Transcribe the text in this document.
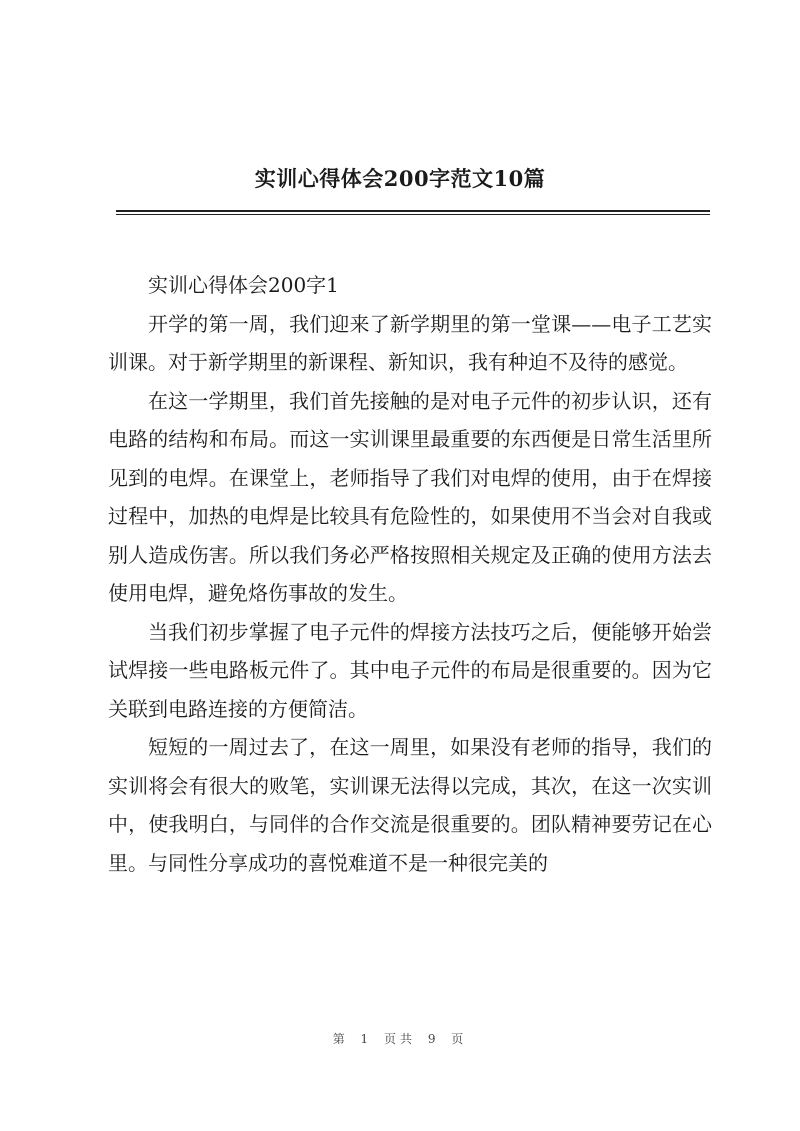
实训心得体会200字范文10篇

实训心得体会200字1

开学的第一周，我们迎来了新学期里的第一堂课——电子工艺实训课。对于新学期里的新课程、新知识，我有种迫不及待的感觉。

在这一学期里，我们首先接触的是对电子元件的初步认识，还有电路的结构和布局。而这一实训课里最重要的东西便是日常生活里所见到的电焊。在课堂上，老师指导了我们对电焊的使用，由于在焊接过程中，加热的电焊是比较具有危险性的，如果使用不当会对自我或别人造成伤害。所以我们务必严格按照相关规定及正确的使用方法去使用电焊，避免烙伤事故的发生。

当我们初步掌握了电子元件的焊接方法技巧之后，便能够开始尝试焊接一些电路板元件了。其中电子元件的布局是很重要的。因为它关联到电路连接的方便简洁。

短短的一周过去了，在这一周里，如果没有老师的指导，我们的实训将会有很大的败笔，实训课无法得以完成，其次，在这一次实训中，使我明白，与同伴的合作交流是很重要的。团队精神要劳记在心里。与同性分享成功的喜悦难道不是一种很完美的

第 1 页共 9 页
